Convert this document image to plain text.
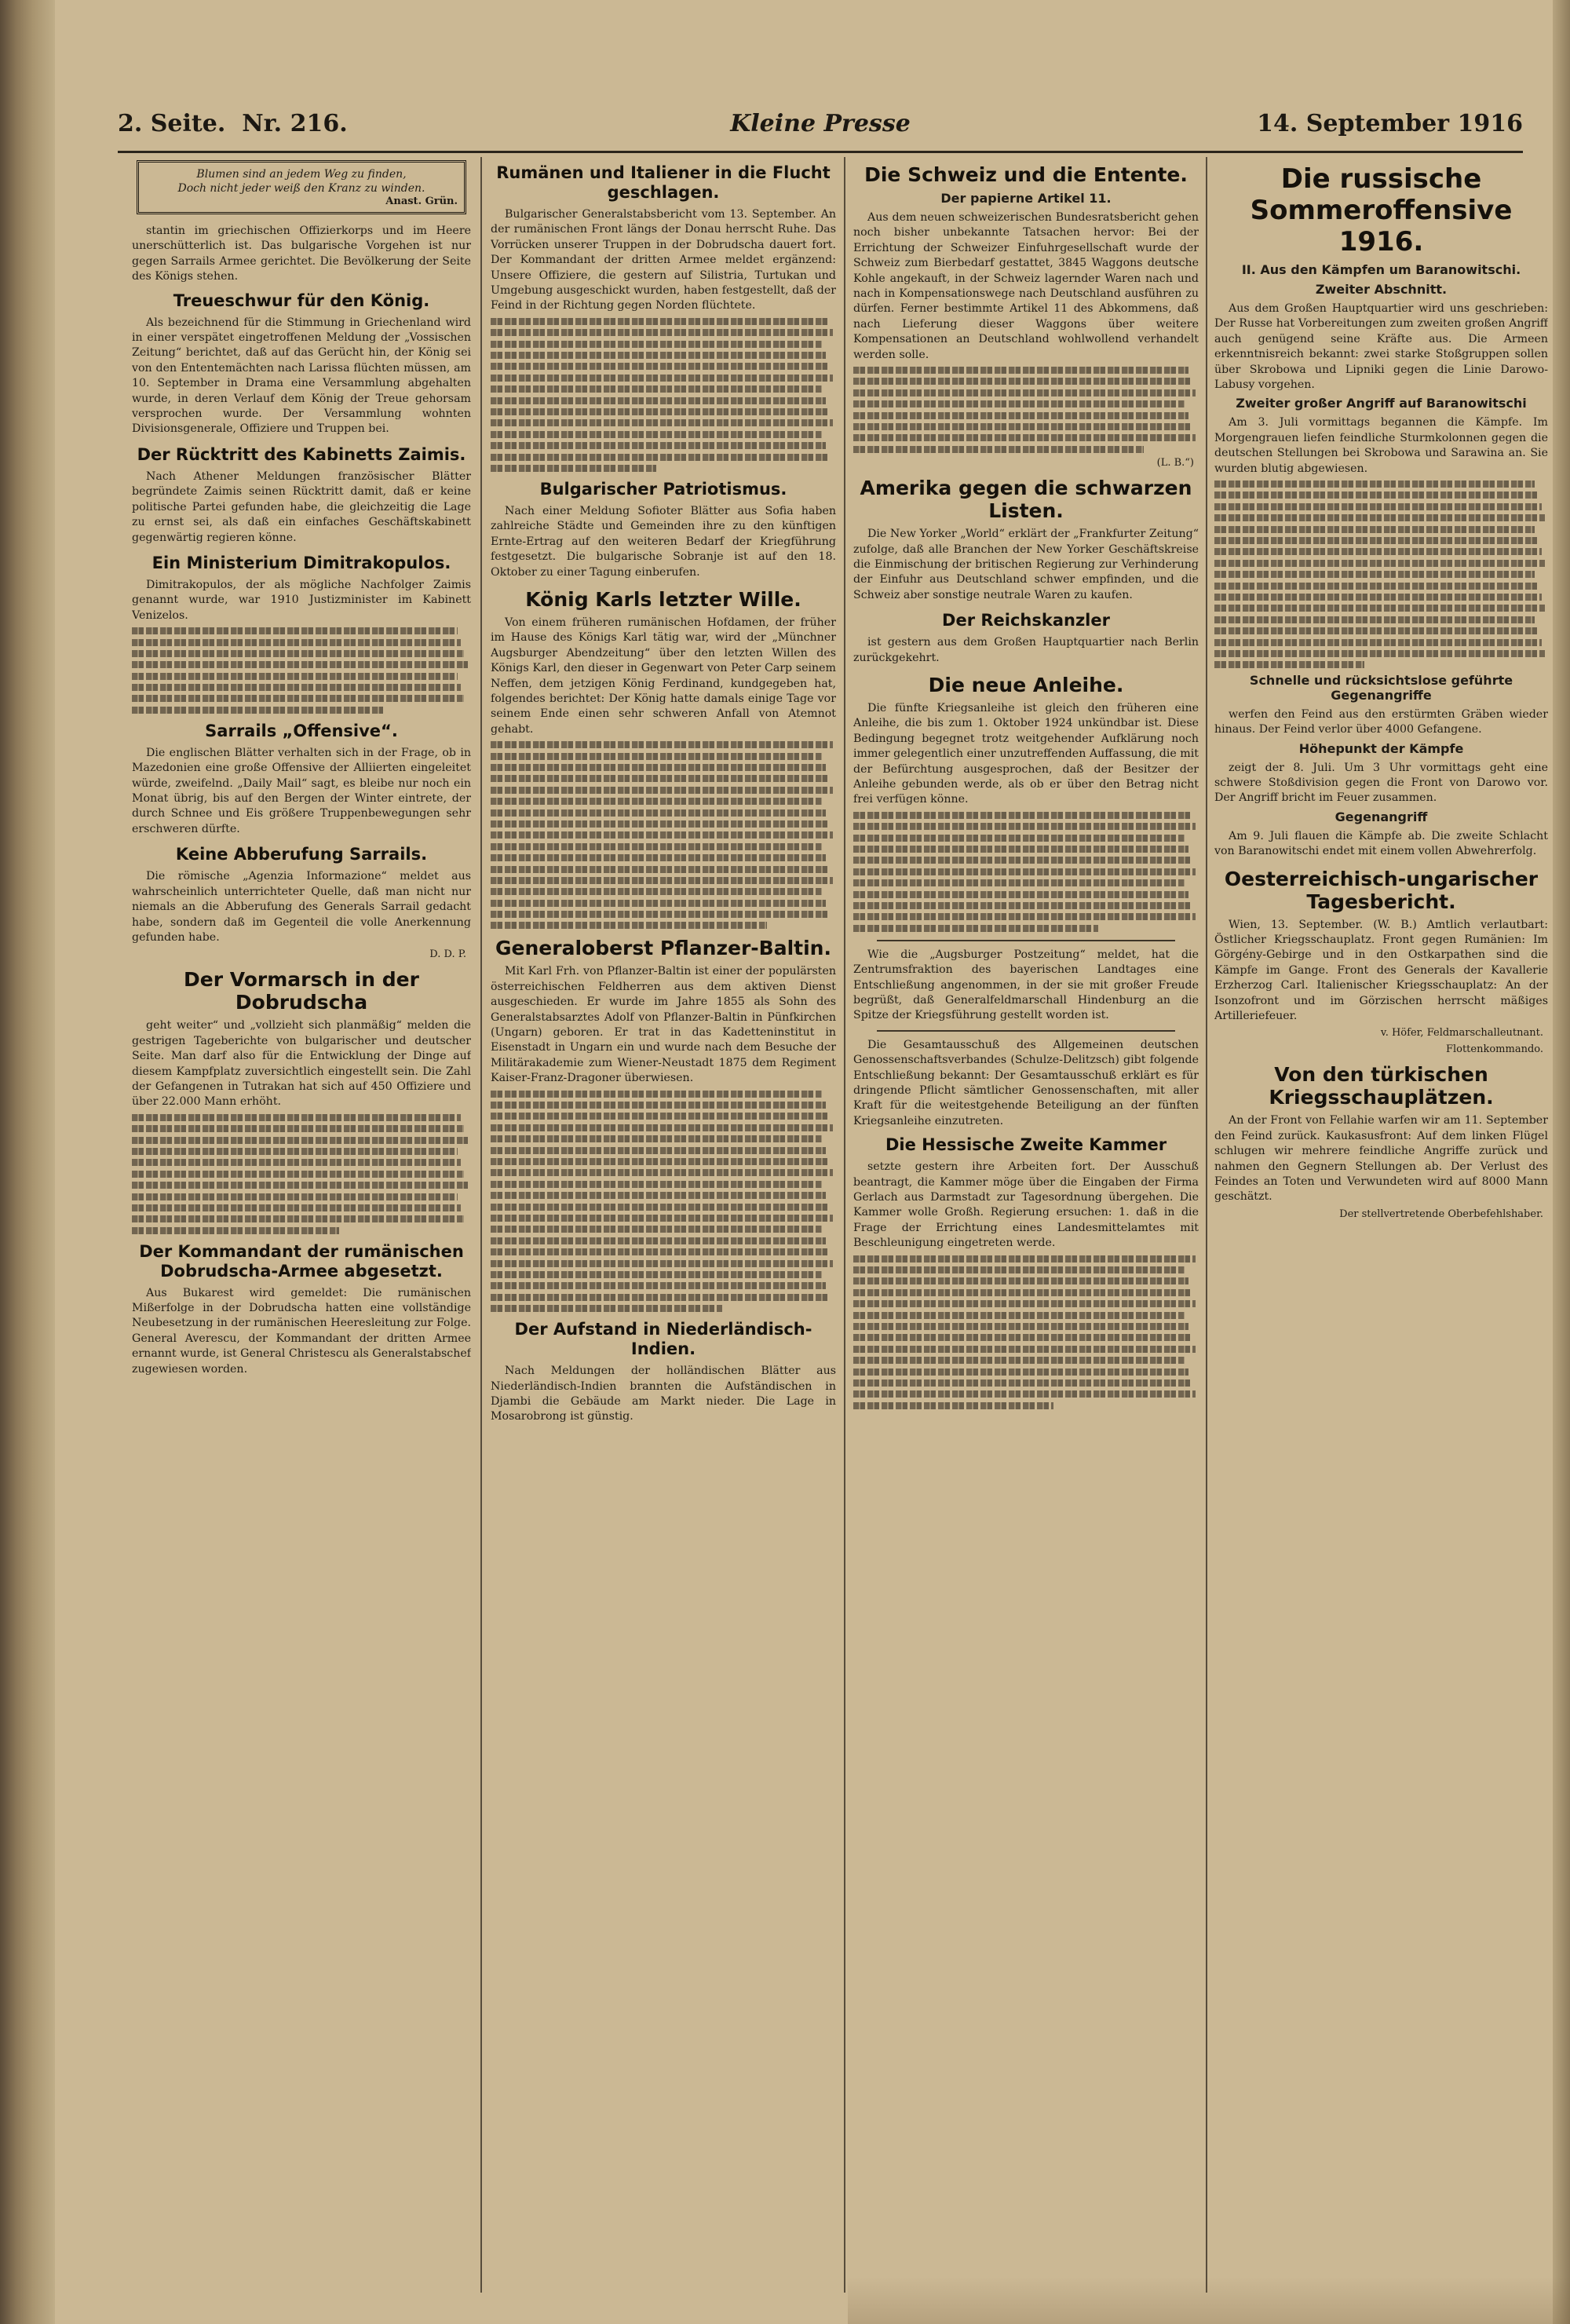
2. Seite. Nr. 216.	Kleine Presse	14. September 1916
Blumen sind an jedem Weg zu finden,
Doch nicht jeder weiß den Kranz zu winden.
Anast. Grün.

stantin im griechischen Offizierkorps und im Heere unerschütterlich ist. Das bulgarische Vorgehen ist nur gegen Sarrails Armee gerichtet. Die Bevölkerung der Seite des Königs stehen.

Treueschwur für den König.

Als bezeichnend für die Stimmung in Griechenland wird in einer verspätet eingetroffenen Meldung der „Vossischen Zeitung“ berichtet, daß auf das Gerücht hin, der König sei von den Ententemächten nach Larissa flüchten müssen, am 10. September in Drama eine Versammlung abgehalten wurde, in deren Verlauf dem König der Treue gehorsam versprochen wurde. Der Versammlung wohnten Divisionsgenerale, Offiziere und Truppen bei.

Der Rücktritt des Kabinetts Zaimis.

Nach Athener Meldungen französischer Blätter begründete Zaimis seinen Rücktritt damit, daß er keine politische Partei gefunden habe, die gleichzeitig die Lage zu ernst sei, als daß ein einfaches Geschäftskabinett gegenwärtig regieren könne.

Ein Ministerium Dimitrakopulos.

Dimitrakopulos, der als mögliche Nachfolger Zaimis genannt wurde, war 1910 Justizminister im Kabinett Venizelos.

Sarrails „Offensive“.

Die englischen Blätter verhalten sich in der Frage, ob in Mazedonien eine große Offensive der Alliierten eingeleitet würde, zweifelnd. „Daily Mail“ sagt, es bleibe nur noch ein Monat übrig, bis auf den Bergen der Winter eintrete, der durch Schnee und Eis größere Truppenbewegungen sehr erschweren dürfte.

Keine Abberufung Sarrails.

Die römische „Agenzia Informazione“ meldet aus wahrscheinlich unterrichteter Quelle, daß man nicht nur niemals an die Abberufung des Generals Sarrail gedacht habe, sondern daß im Gegenteil die volle Anerkennung gefunden habe.

D. D. P.
Der Vormarsch in der Dobrudscha

geht weiter“ und „vollzieht sich planmäßig“ melden die gestrigen Tageberichte von bulgarischer und deutscher Seite. Man darf also für die Entwicklung der Dinge auf diesem Kampfplatz zuversichtlich eingestellt sein. Die Zahl der Gefangenen in Tutrakan hat sich auf 450 Offiziere und über 22.000 Mann erhöht.

Der Kommandant der rumänischen Dobrudscha-Armee abgesetzt.

Aus Bukarest wird gemeldet: Die rumänischen Mißerfolge in der Dobrudscha hatten eine vollständige Neubesetzung in der rumänischen Heeresleitung zur Folge. General Averescu, der Kommandant der dritten Armee ernannt wurde, ist General Christescu als Generalstabschef zugewiesen worden.

Rumänen und Italiener in die Flucht geschlagen.

Bulgarischer Generalstabsbericht vom 13. September. An der rumänischen Front längs der Donau herrscht Ruhe. Das Vorrücken unserer Truppen in der Dobrudscha dauert fort. Der Kommandant der dritten Armee meldet ergänzend: Unsere Offiziere, die gestern auf Silistria, Turtukan und Umgebung ausgeschickt wurden, haben festgestellt, daß der Feind in der Richtung gegen Norden flüchtete.

Bulgarischer Patriotismus.

Nach einer Meldung Sofioter Blätter aus Sofia haben zahlreiche Städte und Gemeinden ihre zu den künftigen Ernte-Ertrag auf den weiteren Bedarf der Kriegführung festgesetzt. Die bulgarische Sobranje ist auf den 18. Oktober zu einer Tagung einberufen.

König Karls letzter Wille.

Von einem früheren rumänischen Hofdamen, der früher im Hause des Königs Karl tätig war, wird der „Münchner Augsburger Abendzeitung“ über den letzten Willen des Königs Karl, den dieser in Gegenwart von Peter Carp seinem Neffen, dem jetzigen König Ferdinand, kundgegeben hat, folgendes berichtet: Der König hatte damals einige Tage vor seinem Ende einen sehr schweren Anfall von Atemnot gehabt.

Generaloberst Pflanzer-Baltin.

Mit Karl Frh. von Pflanzer-Baltin ist einer der populärsten österreichischen Feldherren aus dem aktiven Dienst ausgeschieden. Er wurde im Jahre 1855 als Sohn des Generalstabsarztes Adolf von Pflanzer-Baltin in Pünfkirchen (Ungarn) geboren. Er trat in das Kadetteninstitut in Eisenstadt in Ungarn ein und wurde nach dem Besuche der Militärakademie zum Wiener-Neustadt 1875 dem Regiment Kaiser-Franz-Dragoner überwiesen.

Der Aufstand in Niederländisch-Indien.

Nach Meldungen der holländischen Blätter aus Niederländisch-Indien brannten die Aufständischen in Djambi die Gebäude am Markt nieder. Die Lage in Mosarobrong ist günstig.

Die Schweiz und die Entente.
Der papierne Artikel 11.

Aus dem neuen schweizerischen Bundesratsbericht gehen noch bisher unbekannte Tatsachen hervor: Bei der Errichtung der Schweizer Einfuhrgesellschaft wurde der Schweiz zum Bierbedarf gestattet, 3845 Waggons deutsche Kohle angekauft, in der Schweiz lagernder Waren nach und nach in Kompensationswege nach Deutschland ausführen zu dürfen. Ferner bestimmte Artikel 11 des Abkommens, daß nach Lieferung dieser Waggons über weitere Kompensationen an Deutschland wohlwollend verhandelt werden solle.

(L. B.“)
Amerika gegen die schwarzen Listen.

Die New Yorker „World“ erklärt der „Frankfurter Zeitung“ zufolge, daß alle Branchen der New Yorker Geschäftskreise die Einmischung der britischen Regierung zur Verhinderung der Einfuhr aus Deutschland schwer empfinden, und die Schweiz aber sonstige neutrale Waren zu kaufen.

Der Reichskanzler

ist gestern aus dem Großen Hauptquartier nach Berlin zurückgekehrt.

Die neue Anleihe.

Die fünfte Kriegsanleihe ist gleich den früheren eine Anleihe, die bis zum 1. Oktober 1924 unkündbar ist. Diese Bedingung begegnet trotz weitgehender Aufklärung noch immer gelegentlich einer unzutreffenden Auffassung, die mit der Befürchtung ausgesprochen, daß der Besitzer der Anleihe gebunden werde, als ob er über den Betrag nicht frei verfügen könne.

Wie die „Augsburger Postzeitung“ meldet, hat die Zentrumsfraktion des bayerischen Landtages eine Entschließung angenommen, in der sie mit großer Freude begrüßt, daß Generalfeldmarschall Hindenburg an die Spitze der Kriegsführung gestellt worden ist.

Die Gesamtausschuß des Allgemeinen deutschen Genossenschaftsverbandes (Schulze-Delitzsch) gibt folgende Entschließung bekannt: Der Gesamtausschuß erklärt es für dringende Pflicht sämtlicher Genossenschaften, mit aller Kraft für die weitestgehende Beteiligung an der fünften Kriegsanleihe einzutreten.

Die Hessische Zweite Kammer

setzte gestern ihre Arbeiten fort. Der Ausschuß beantragt, die Kammer möge über die Eingaben der Firma Gerlach aus Darmstadt zur Tagesordnung übergehen. Die Kammer wolle Großh. Regierung ersuchen: 1. daß in die Frage der Errichtung eines Landesmittelamtes mit Beschleunigung eingetreten werde.

Die russische Sommeroffensive 1916.
II. Aus den Kämpfen um Baranowitschi.
Zweiter Abschnitt.

Aus dem Großen Hauptquartier wird uns geschrieben: Der Russe hat Vorbereitungen zum zweiten großen Angriff auch genügend seine Kräfte aus. Die Armeen erkenntnisreich bekannt: zwei starke Stoßgruppen sollen über Skrobowa und Lipniki gegen die Linie Darowo-Labusy vorgehen.

Zweiter großer Angriff auf Baranowitschi

Am 3. Juli vormittags begannen die Kämpfe. Im Morgengrauen liefen feindliche Sturmkolonnen gegen die deutschen Stellungen bei Skrobowa und Sarawina an. Sie wurden blutig abgewiesen.

Schnelle und rücksichtslose geführte Gegenangriffe

werfen den Feind aus den erstürmten Gräben wieder hinaus. Der Feind verlor über 4000 Gefangene.

Höhepunkt der Kämpfe

zeigt der 8. Juli. Um 3 Uhr vormittags geht eine schwere Stoßdivision gegen die Front von Darowo vor. Der Angriff bricht im Feuer zusammen.

Gegenangriff

Am 9. Juli flauen die Kämpfe ab. Die zweite Schlacht von Baranowitschi endet mit einem vollen Abwehrerfolg.

Oesterreichisch-ungarischer Tagesbericht.

Wien, 13. September. (W. B.) Amtlich verlautbart: Östlicher Kriegsschauplatz. Front gegen Rumänien: Im Görgény-Gebirge und in den Ostkarpathen sind die Kämpfe im Gange. Front des Generals der Kavallerie Erzherzog Carl. Italienischer Kriegsschauplatz: An der Isonzofront und im Görzischen herrscht mäßiges Artilleriefeuer.

v. Höfer, Feldmarschalleutnant.
Flottenkommando.
Von den türkischen Kriegsschauplätzen.

An der Front von Fellahie warfen wir am 11. September den Feind zurück. Kaukasusfront: Auf dem linken Flügel schlugen wir mehrere feindliche Angriffe zurück und nahmen den Gegnern Stellungen ab. Der Verlust des Feindes an Toten und Verwundeten wird auf 8000 Mann geschätzt.

Der stellvertretende Oberbefehlshaber.
